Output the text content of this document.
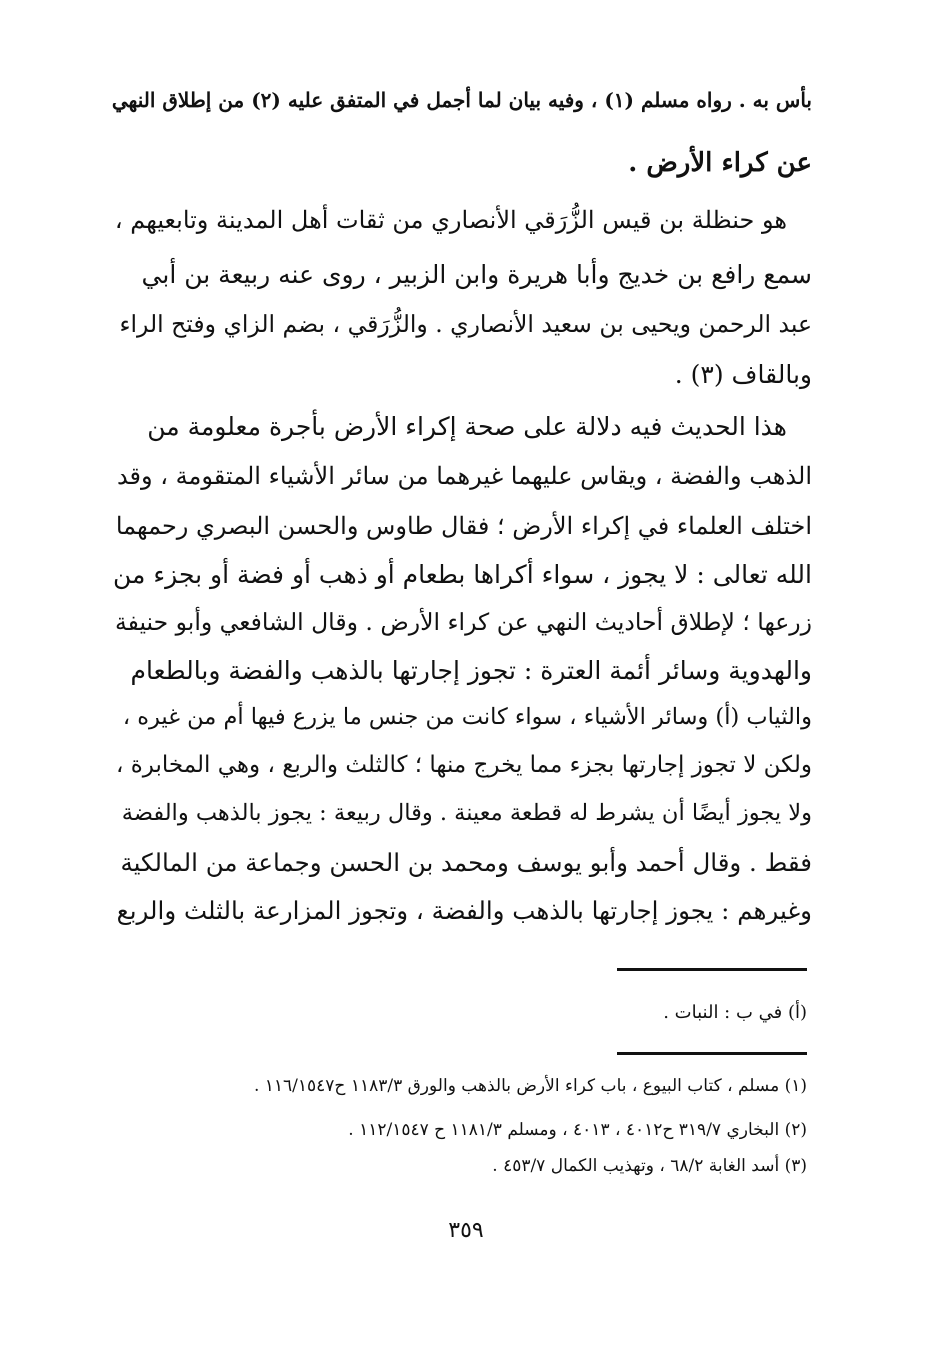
بأس به . رواه مسلم (١) ، وفيه بيان لما أجمل في المتفق عليه (٢) من إطلاق النهي
عن كراء الأرض .
هو حنظلة بن قيس الزُّرَقي الأنصاري من ثقات أهل المدينة وتابعيهم ،
سمع رافع بن خديج وأبا هريرة وابن الزبير ، روى عنه ربيعة بن أبي
عبد الرحمن ويحيى بن سعيد الأنصاري . والزُّرَقي ، بضم الزاي وفتح الراء
وبالقاف (٣) .
هذا الحديث فيه دلالة على صحة إكراء الأرض بأجرة معلومة من
الذهب والفضة ، ويقاس عليهما غيرهما من سائر الأشياء المتقومة ، وقد
اختلف العلماء في إكراء الأرض ؛ فقال طاوس والحسن البصري رحمهما
الله تعالى : لا يجوز ، سواء أكراها بطعام أو ذهب أو فضة أو بجزء من
زرعها ؛ لإطلاق أحاديث النهي عن كراء الأرض . وقال الشافعي وأبو حنيفة
والهدوية وسائر أئمة العترة : تجوز إجارتها بالذهب والفضة وبالطعام
والثياب (أ) وسائر الأشياء ، سواء كانت من جنس ما يزرع فيها أم من غيره ،
ولكن لا تجوز إجارتها بجزء مما يخرج منها ؛ كالثلث والربع ، وهي المخابرة ،
ولا يجوز أيضًا أن يشرط له قطعة معينة . وقال ربيعة : يجوز بالذهب والفضة
فقط . وقال أحمد وأبو يوسف ومحمد بن الحسن وجماعة من المالكية
وغيرهم : يجوز إجارتها بالذهب والفضة ، وتجوز المزارعة بالثلث والربع
(أ) في ب : النبات .
(١) مسلم ، كتاب البيوع ، باب كراء الأرض بالذهب والورق ١١٨٣/٣ ح١١٦/١٥٤٧ .
(٢) البخاري ٣١٩/٧ ح٤٠١٢ ، ٤٠١٣ ، ومسلم ١١٨١/٣ ح ١١٢/١٥٤٧ .
(٣) أسد الغابة ٦٨/٢ ، وتهذيب الكمال ٤٥٣/٧ .
٣٥٩
